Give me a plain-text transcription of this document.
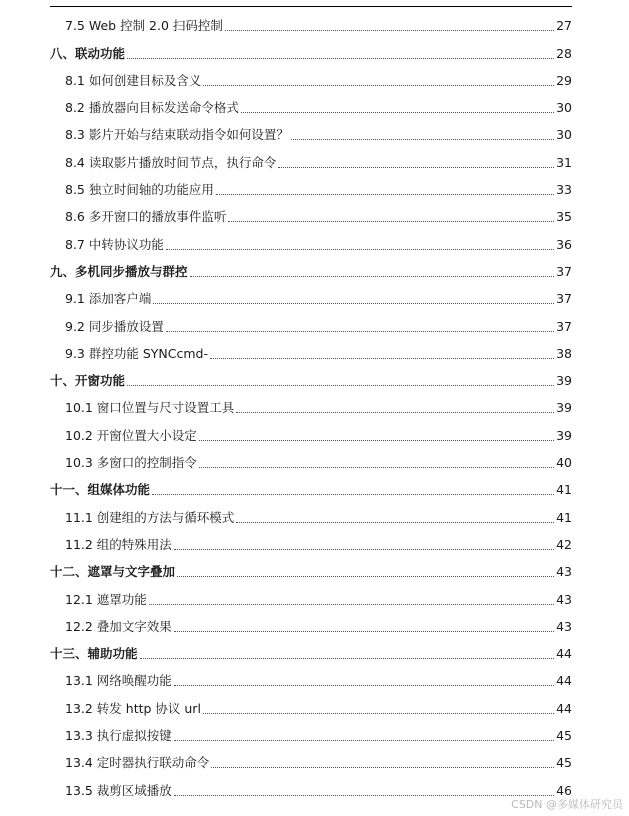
7.5 Web 控制 2.0 扫码控制	27
八、联动功能	28
8.1 如何创建目标及含义	29
8.2 播放器向目标发送命令格式	30
8.3 影片开始与结束联动指令如何设置？	30
8.4 读取影片播放时间节点，执行命令	31
8.5 独立时间轴的功能应用	33
8.6 多开窗口的播放事件监听	35
8.7 中转协议功能	36
九、多机同步播放与群控	37
9.1 添加客户端	37
9.2 同步播放设置	37
9.3 群控功能 SYNCcmd-	38
十、开窗功能	39
10.1 窗口位置与尺寸设置工具	39
10.2 开窗位置大小设定	39
10.3 多窗口的控制指令	40
十一、组媒体功能	41
11.1 创建组的方法与循环模式	41
11.2 组的特殊用法	42
十二、遮罩与文字叠加	43
12.1 遮罩功能	43
12.2 叠加文字效果	43
十三、辅助功能	44
13.1 网络唤醒功能	44
13.2 转发 http 协议 url	44
13.3 执行虚拟按键	45
13.4 定时器执行联动命令	45
13.5 裁剪区域播放	46
CSDN @多媒体研究员
